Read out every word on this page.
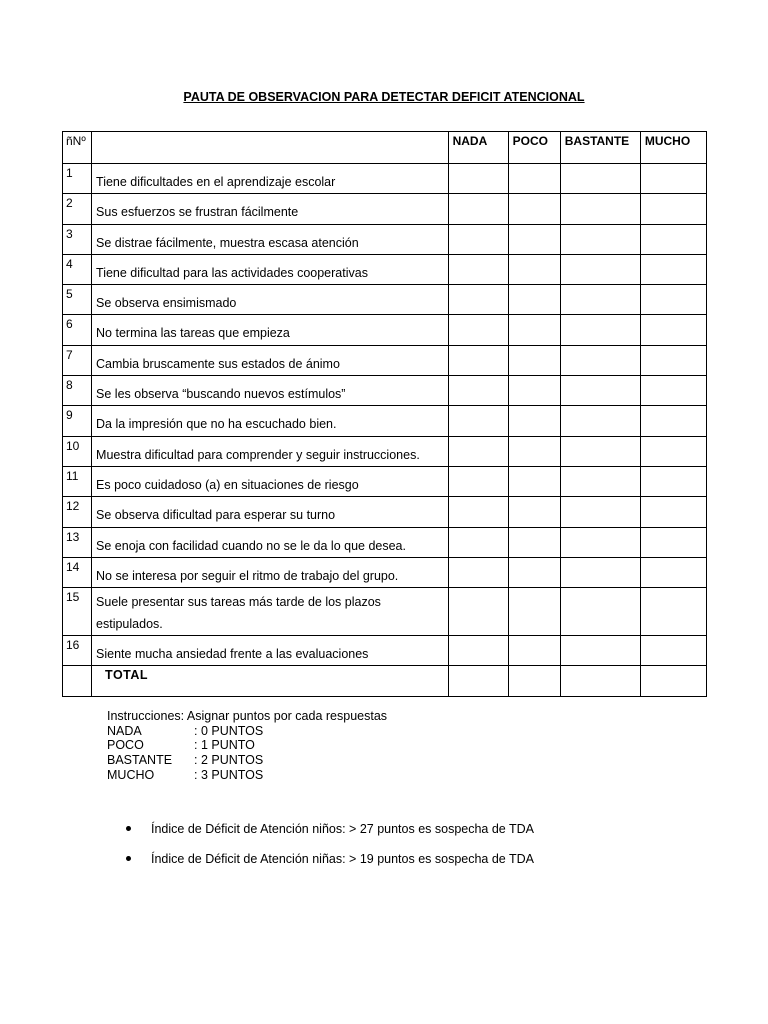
PAUTA DE OBSERVACION PARA DETECTAR DEFICIT ATENCIONAL
ñNº		NADA	POCO	BASTANTE	MUCHO

1	Tiene dificultades en el aprendizaje escolar				

2	Sus esfuerzos se frustran fácilmente				

3	Se distrae fácilmente, muestra escasa atención				

4	Tiene dificultad para las actividades cooperativas				

5	Se observa ensimismado				

6	No termina las tareas que empieza				

7	Cambia bruscamente sus estados de ánimo				

8	Se les observa “buscando nuevos estímulos”				

9	Da la impresión que no ha escuchado bien.				

10	Muestra dificultad para comprender y seguir instrucciones.				

11	Es poco cuidadoso (a) en situaciones de riesgo				

12	Se observa dificultad para esperar su turno				

13	Se enoja con facilidad cuando no se le da lo que desea.				

14	No se interesa por seguir el ritmo de trabajo del grupo.				

15	Suele presentar sus tareas más tarde de los plazos estipulados.				

16	Siente mucha ansiedad frente a las evaluaciones				

	TOTAL				

Instrucciones: Asignar puntos por cada respuestas
NADA	: 0 PUNTOS
POCO	: 1 PUNTO
BASTANTE	: 2 PUNTOS
MUCHO	: 3 PUNTOS
Índice de Déficit de Atención niños: > 27 puntos es sospecha de TDA
Índice de Déficit de Atención niñas: > 19 puntos es sospecha de TDA
